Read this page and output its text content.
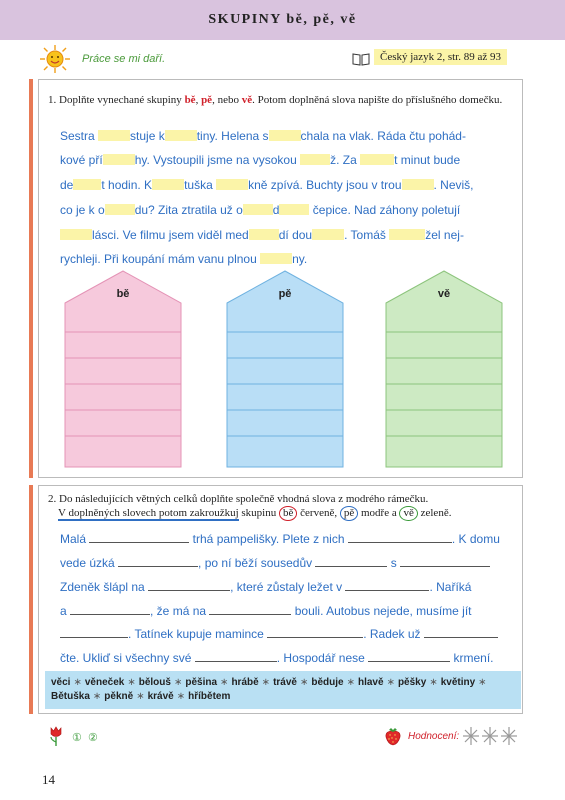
SKUPINY bě, pě, vě
Práce se mi daří.	Český jazyk 2, str. 89 až 93
1. Doplňte vynechané skupiny bě, pě, nebo vě. Potom doplněná slova napište do příslušného domečku.
Sestra	stuje k	tiny. Helena s	chala na vlak. Ráda čtu pohád-
kové pří	hy. Vystoupili jsme na vysokou	ž. Za	t minut bude
de t hodin. K	tuška	kně zpívá. Buchty jsou v trou	. Neviš,
co je k o	du? Zita ztratila už o	d	čepice. Nad záhony poletují
lásci. Ve filmu jsem viděl med	dí dou	. Tomáš	žel nej-
rychleji. Při koupání mám vanu plnou	ny.
bě	pě	vě
2. Do následujících větných celků doplňte společně vhodná slova z modrého rámečku.
V doplněných slovech potom zakroužkuj skupinu bě červeně, pě modře a vě zeleně.
Malá	trhá pampelišky. Plete z nich	. K domu
vede úzká	, po ní běží sousedův	s
Zdeněk šlápl na	, které zůstaly ležet v	. Naříká
a	, že má na	bouli. Autobus nejede, musíme jít
. Tatínek kupuje mamince	. Radek už
čte. Ukliď si všechny své	. Hospodář nese	krmení.
věci ∗ věneček ∗ bělouš ∗ pěšina ∗ hrábě ∗ trávě ∗ běduje ∗ hlavě ∗ pěšky ∗ květiny ∗
Bětuška ∗ pěkně ∗ krávě ∗ hříbětem
① ②	Hodnocení:
14
